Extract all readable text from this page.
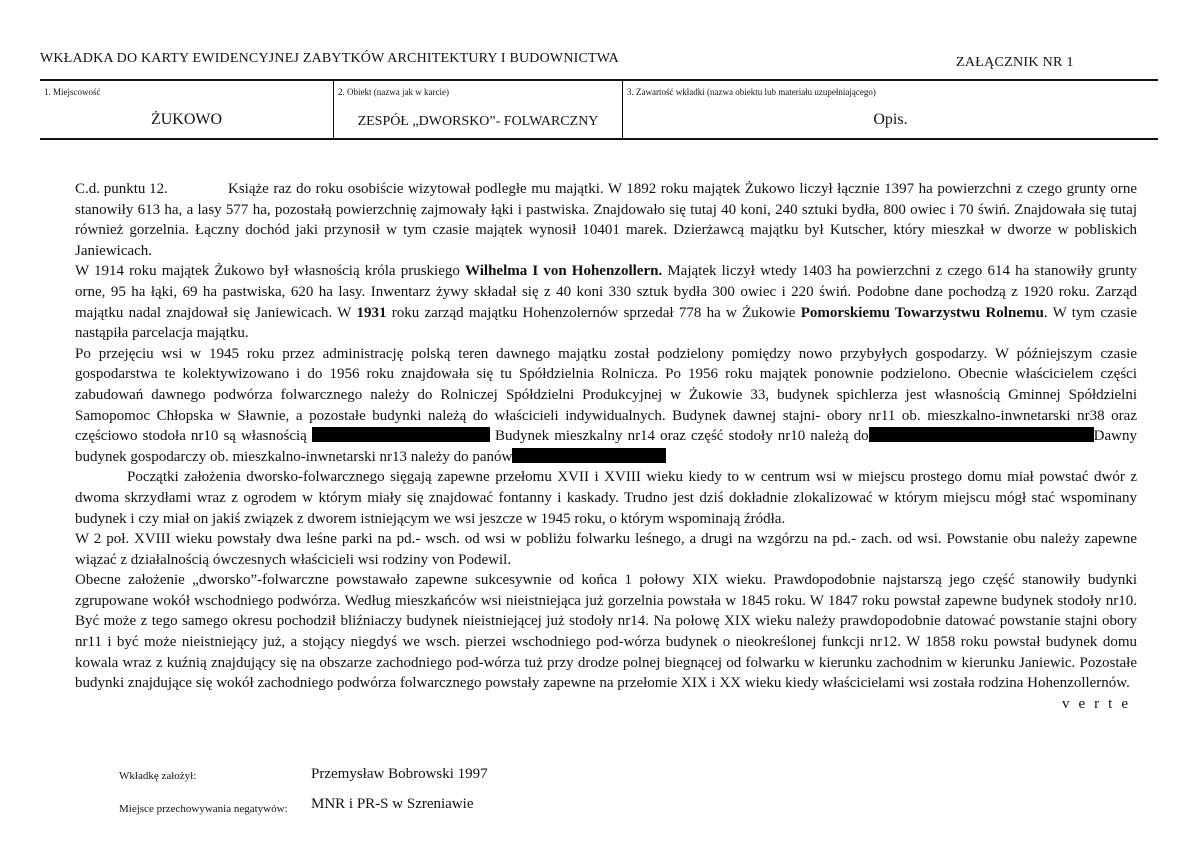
WKŁADKA DO KARTY EWIDENCYJNEJ ZABYTKÓW ARCHITEKTURY I BUDOWNICTWA	ZAŁĄCZNIK NR 1
1. Miejscowość
ŻUKOWO
2. Obiekt (nazwa jak w karcie)
ZESPÓŁ „DWORSKO”- FOLWARCZNY
3. Zawartość wkładki (nazwa obiektu lub materiału uzupełniającego)
Opis.

C.d. punktu 12.	Książe raz do roku osobiście wizytował podległe mu majątki. W 1892 roku majątek Żukowo liczył łącznie 1397 ha powierzchni z czego grunty orne stanowiły 613 ha, a lasy 577 ha, pozostałą powierzchnię zajmowały łąki i pastwiska. Znajdowało się tutaj 40 koni, 240 sztuki bydła, 800 owiec i 70 świń. Znajdowała się tutaj również gorzelnia. Łączny dochód jaki przynosił w tym czasie majątek wynosił 10401 marek. Dzierżawcą majątku był Kutscher, który mieszkał w dworze w pobliskich Janiewicach.

W 1914 roku majątek Żukowo był własnością króla pruskiego Wilhelma I von Hohenzollern. Majątek liczył wtedy 1403 ha powierzchni z czego 614 ha stanowiły grunty orne, 95 ha łąki, 69 ha pastwiska, 620 ha lasy. Inwentarz żywy składał się z 40 koni 330 sztuk bydła 300 owiec i 220 świń. Podobne dane pochodzą z 1920 roku. Zarząd majątku nadal znajdował się Janiewicach. W 1931 roku zarząd majątku Hohenzolernów sprzedał 778 ha w Żukowie Pomorskiemu Towarzystwu Rolnemu. W tym czasie nastąpiła parcelacja majątku.

Po przejęciu wsi w 1945 roku przez administrację polską teren dawnego majątku został podzielony pomiędzy nowo przybyłych gospodarzy. W późniejszym czasie gospodarstwa te kolektywizowano i do 1956 roku znajdowała się tu Spółdzielnia Rolnicza. Po 1956 roku majątek ponownie podzielono. Obecnie właścicielem części zabudowań dawnego podwórza folwarcznego należy do Rolniczej Spółdzielni Produkcyjnej w Żukowie 33, budynek spichlerza jest własnością Gminnej Spółdzielni Samopomoc Chłopska w Sławnie, a pozostałe budynki należą do właścicieli indywidualnych. Budynek dawnej stajni- obory nr11 ob. mieszkalno-inwnetarski nr38 oraz częściowo stodoła nr10 są własnością	Budynek mieszkalny nr14 oraz część stodoły nr10 należą do	Dawny budynek gospodarczy ob. mieszkalno-inwnetarski nr13 należy do panów

Początki założenia dworsko-folwarcznego sięgają zapewne przełomu XVII i XVIII wieku kiedy to w centrum wsi w miejscu prostego domu miał powstać dwór z dwoma skrzydłami wraz z ogrodem w którym miały się znajdować fontanny i kaskady. Trudno jest dziś dokładnie zlokalizować w którym miejscu mógł stać wspominany budynek i czy miał on jakiś związek z dworem istniejącym we wsi jeszcze w 1945 roku, o którym wspominają źródła.

W 2 poł. XVIII wieku powstały dwa leśne parki na pd.- wsch. od wsi w pobliżu folwarku leśnego, a drugi na wzgórzu na pd.- zach. od wsi. Powstanie obu należy zapewne wiązać z działalnością ówczesnych właścicieli wsi rodziny von Podewil.

Obecne założenie „dworsko”-folwarczne powstawało zapewne sukcesywnie od końca 1 połowy XIX wieku. Prawdopodobnie najstarszą jego część stanowiły budynki zgrupowane wokół wschodniego podwórza. Według mieszkańców wsi nieistniejąca już gorzelnia powstała w 1845 roku. W 1847 roku powstał zapewne budynek stodoły nr10. Być może z tego samego okresu pochodził bliźniaczy budynek nieistniejącej już stodoły nr14. Na połowę XIX wieku należy prawdopodobnie datować powstanie stajni obory nr11 i być może nieistniejący już, a stojący niegdyś we wsch. pierzei wschodniego pod-wórza budynek o nieokreślonej funkcji nr12. W 1858 roku powstał budynek domu kowala wraz z kuźnią znajdujący się na obszarze zachodniego pod-wórza tuż przy drodze polnej biegnącej od folwarku w kierunku zachodnim w kierunku Janiewic. Pozostałe budynki znajdujące się wokół zachodniego podwórza folwarcznego powstały zapewne na przełomie XIX i XX wieku kiedy właścicielami wsi została rodzina Hohenzollernów.
verte

Wkładkę założył:	Przemysław Bobrowski 1997
Miejsce przechowywania negatywów: MNR i PR-S w Szreniawie
